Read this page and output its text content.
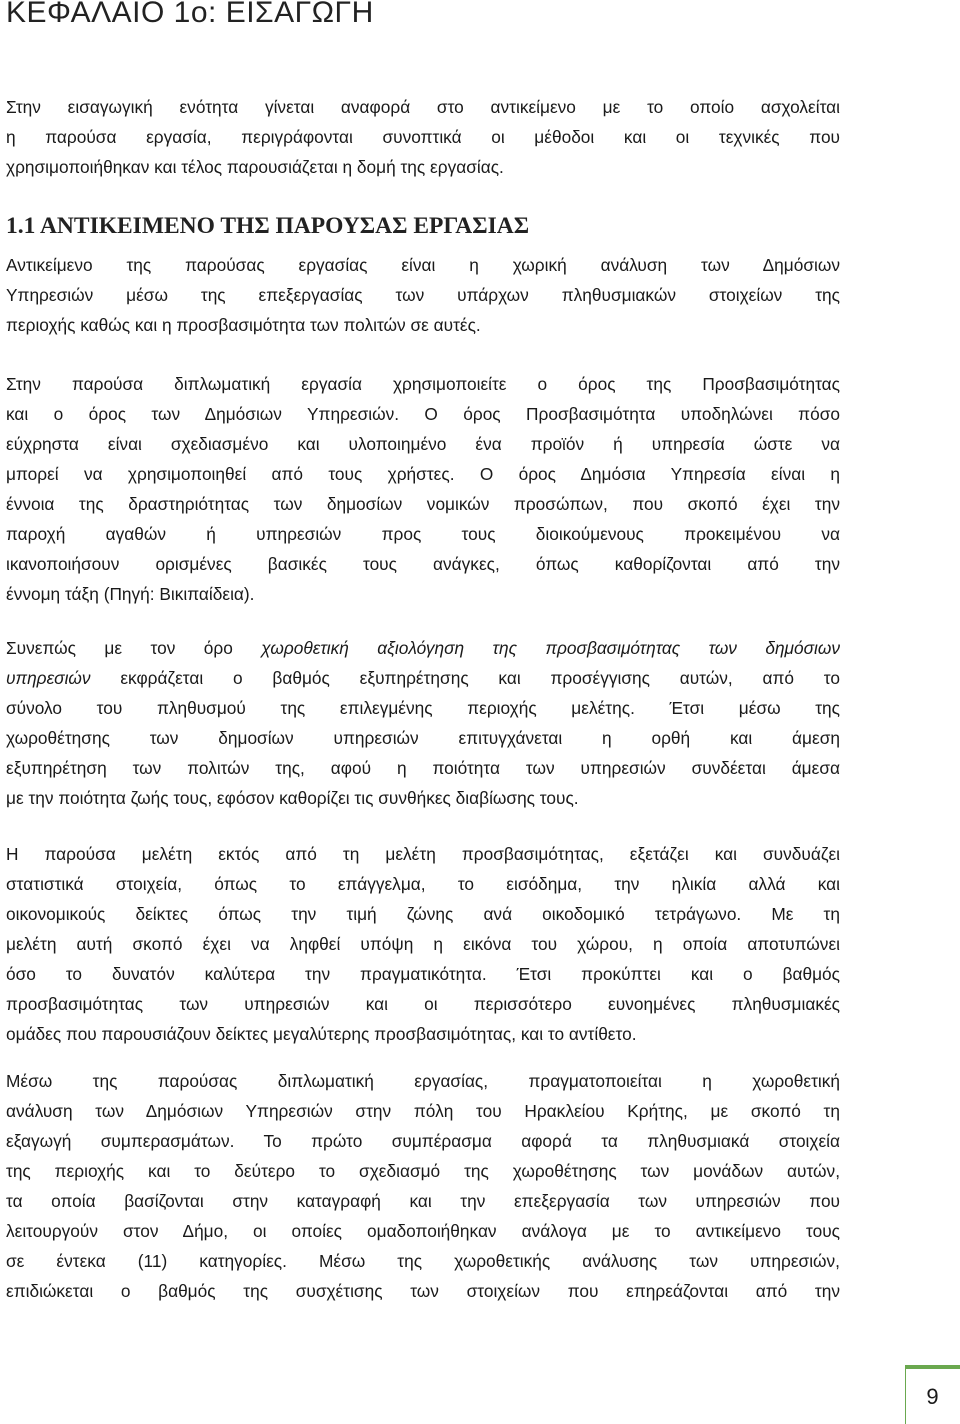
ΚΕΦΑΛΑΙΟ 1ο: ΕΙΣΑΓΩΓΗ
Στην εισαγωγική ενότητα γίνεται αναφορά στο αντικείμενο με το οποίο ασχολείται
η παρούσα εργασία, περιγράφονται συνοπτικά οι μέθοδοι και οι τεχνικές που
χρησιμοποιήθηκαν και τέλος παρουσιάζεται η δομή της εργασίας.
1.1 ΑΝΤΙΚΕΙΜΕΝΟ ΤΗΣ ΠΑΡΟΥΣΑΣ ΕΡΓΑΣΙΑΣ
Αντικείμενο της παρούσας εργασίας είναι η χωρική ανάλυση των Δημόσιων
Υπηρεσιών μέσω της επεξεργασίας των υπάρχων πληθυσμιακών στοιχείων της
περιοχής καθώς και η προσβασιμότητα των πολιτών σε αυτές.
Στην παρούσα διπλωματική εργασία χρησιμοποιείτε ο όρος της Προσβασιμότητας
και ο όρος των Δημόσιων Υπηρεσιών. Ο όρος Προσβασιμότητα υποδηλώνει πόσο
εύχρηστα είναι σχεδιασμένο και υλοποιημένο ένα προϊόν ή υπηρεσία ώστε να
μπορεί να χρησιμοποιηθεί από τους χρήστες. Ο όρος Δημόσια Υπηρεσία είναι η
έννοια της δραστηριότητας των δημοσίων νομικών προσώπων, που σκοπό έχει την
παροχή αγαθών ή υπηρεσιών προς τους διοικούμενους προκειμένου να
ικανοποιήσουν ορισμένες βασικές τους ανάγκες, όπως καθορίζονται από την
έννομη τάξη (Πηγή: Βικιπαίδεια).
Συνεπώς με τον όρο χωροθετική αξιολόγηση της προσβασιμότητας των δημόσιων
υπηρεσιών εκφράζεται ο βαθμός εξυπηρέτησης και προσέγγισης αυτών, από το
σύνολο του πληθυσμού της επιλεγμένης περιοχής μελέτης. Έτσι μέσω της
χωροθέτησης των δημοσίων υπηρεσιών επιτυγχάνεται η ορθή και άμεση
εξυπηρέτηση των πολιτών της, αφού η ποιότητα των υπηρεσιών συνδέεται άμεσα
με την ποιότητα ζωής τους, εφόσον καθορίζει τις συνθήκες διαβίωσης τους.
Η παρούσα μελέτη εκτός από τη μελέτη προσβασιμότητας, εξετάζει και συνδυάζει
στατιστικά στοιχεία, όπως το επάγγελμα, το εισόδημα, την ηλικία αλλά και
οικονομικούς δείκτες όπως την τιμή ζώνης ανά οικοδομικό τετράγωνο. Με τη
μελέτη αυτή σκοπό έχει να ληφθεί υπόψη η εικόνα του χώρου, η οποία αποτυπώνει
όσο το δυνατόν καλύτερα την πραγματικότητα. Έτσι προκύπτει και ο βαθμός
προσβασιμότητας των υπηρεσιών και οι περισσότερο ευνοημένες πληθυσμιακές
ομάδες που παρουσιάζουν δείκτες μεγαλύτερης προσβασιμότητας, και το αντίθετο.
Μέσω της παρούσας διπλωματική εργασίας, πραγματοποιείται η χωροθετική
ανάλυση των Δημόσιων Υπηρεσιών στην πόλη του Ηρακλείου Κρήτης, με σκοπό τη
εξαγωγή συμπερασμάτων. Το πρώτο συμπέρασμα αφορά τα πληθυσμιακά στοιχεία
της περιοχής και το δεύτερο το σχεδιασμό της χωροθέτησης των μονάδων αυτών,
τα οποία βασίζονται στην καταγραφή και την επεξεργασία των υπηρεσιών που
λειτουργούν στον Δήμο, οι οποίες ομαδοποιήθηκαν ανάλογα με το αντικείμενο τους
σε έντεκα (11) κατηγορίες. Μέσω της χωροθετικής ανάλυσης των υπηρεσιών,
επιδιώκεται ο βαθμός της συσχέτισης των στοιχείων που επηρεάζονται από την
9
